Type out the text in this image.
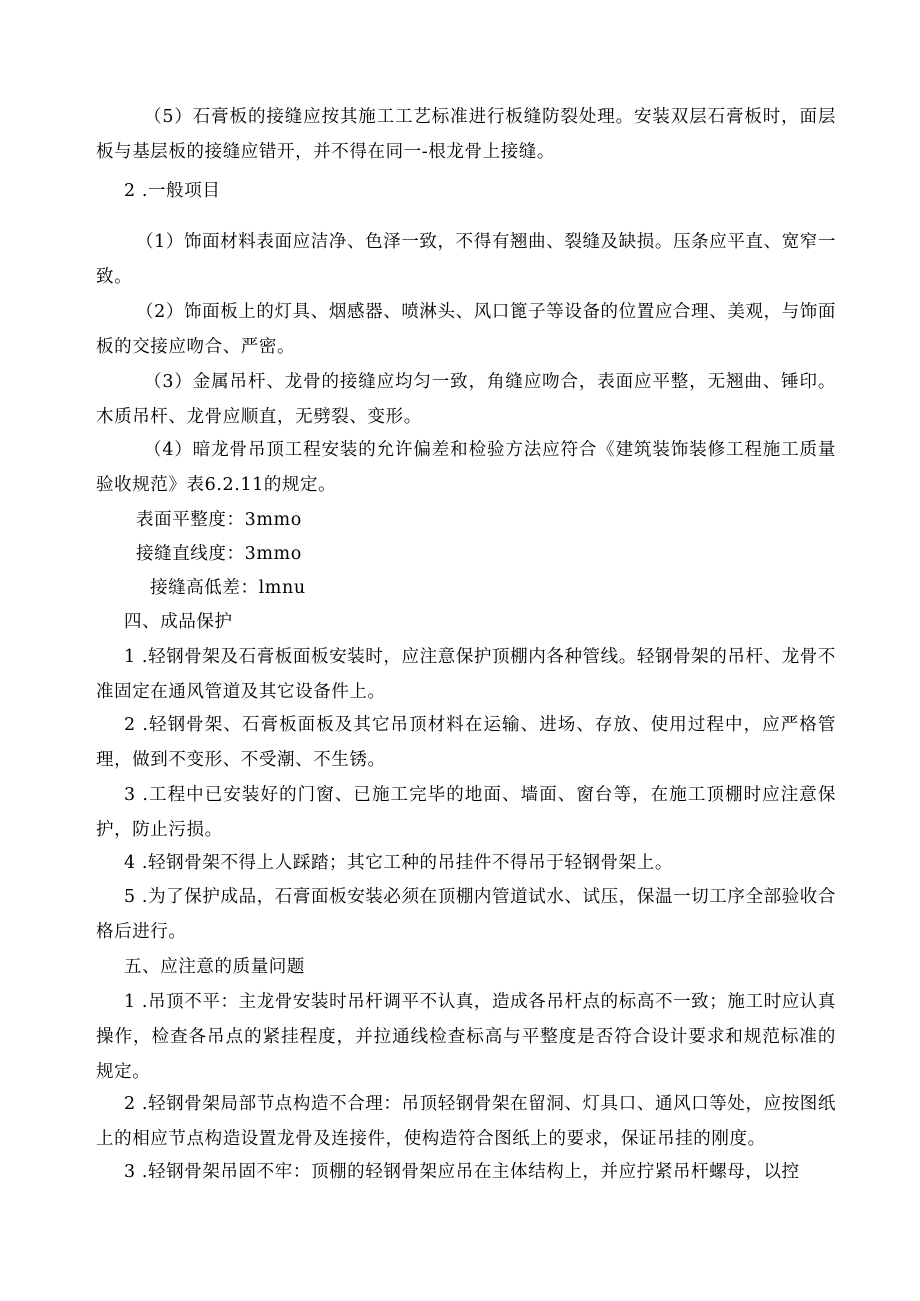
（5）石膏板的接缝应按其施工工艺标准进行板缝防裂处理。安装双层石膏板时，面层板与基层板的接缝应错开，并不得在同一-根龙骨上接缝。
2 .一般项目
（1）饰面材料表面应洁净、色泽一致，不得有翘曲、裂缝及缺损。压条应平直、宽窄一致。
（2）饰面板上的灯具、烟感器、喷淋头、风口篦子等设备的位置应合理、美观，与饰面板的交接应吻合、严密。
（3）金属吊杆、龙骨的接缝应均匀一致，角缝应吻合，表面应平整，无翘曲、锤印。木质吊杆、龙骨应顺直，无劈裂、变形。
（4）暗龙骨吊顶工程安装的允许偏差和检验方法应符合《建筑装饰装修工程施工质量验收规范》表6.2.11的规定。
表面平整度：3mmo
接缝直线度：3mmo
接缝高低差：lmnu
四、成品保护
1 .轻钢骨架及石膏板面板安装时，应注意保护顶棚内各种管线。轻钢骨架的吊杆、龙骨不准固定在通风管道及其它设备件上。
2 .轻钢骨架、石膏板面板及其它吊顶材料在运输、进场、存放、使用过程中，应严格管理，做到不变形、不受潮、不生锈。
3 .工程中已安装好的门窗、已施工完毕的地面、墙面、窗台等，在施工顶棚时应注意保护，防止污损。
4 .轻钢骨架不得上人踩踏；其它工种的吊挂件不得吊于轻钢骨架上。
5 .为了保护成品，石膏面板安装必须在顶棚内管道试水、试压，保温一切工序全部验收合格后进行。
五、应注意的质量问题
1 .吊顶不平：主龙骨安装时吊杆调平不认真，造成各吊杆点的标高不一致；施工时应认真操作，检查各吊点的紧挂程度，并拉通线检查标高与平整度是否符合设计要求和规范标准的规定。
2 .轻钢骨架局部节点构造不合理：吊顶轻钢骨架在留洞、灯具口、通风口等处，应按图纸上的相应节点构造设置龙骨及连接件，使构造符合图纸上的要求，保证吊挂的刚度。
3 .轻钢骨架吊固不牢：顶棚的轻钢骨架应吊在主体结构上，并应拧紧吊杆螺母，以控
